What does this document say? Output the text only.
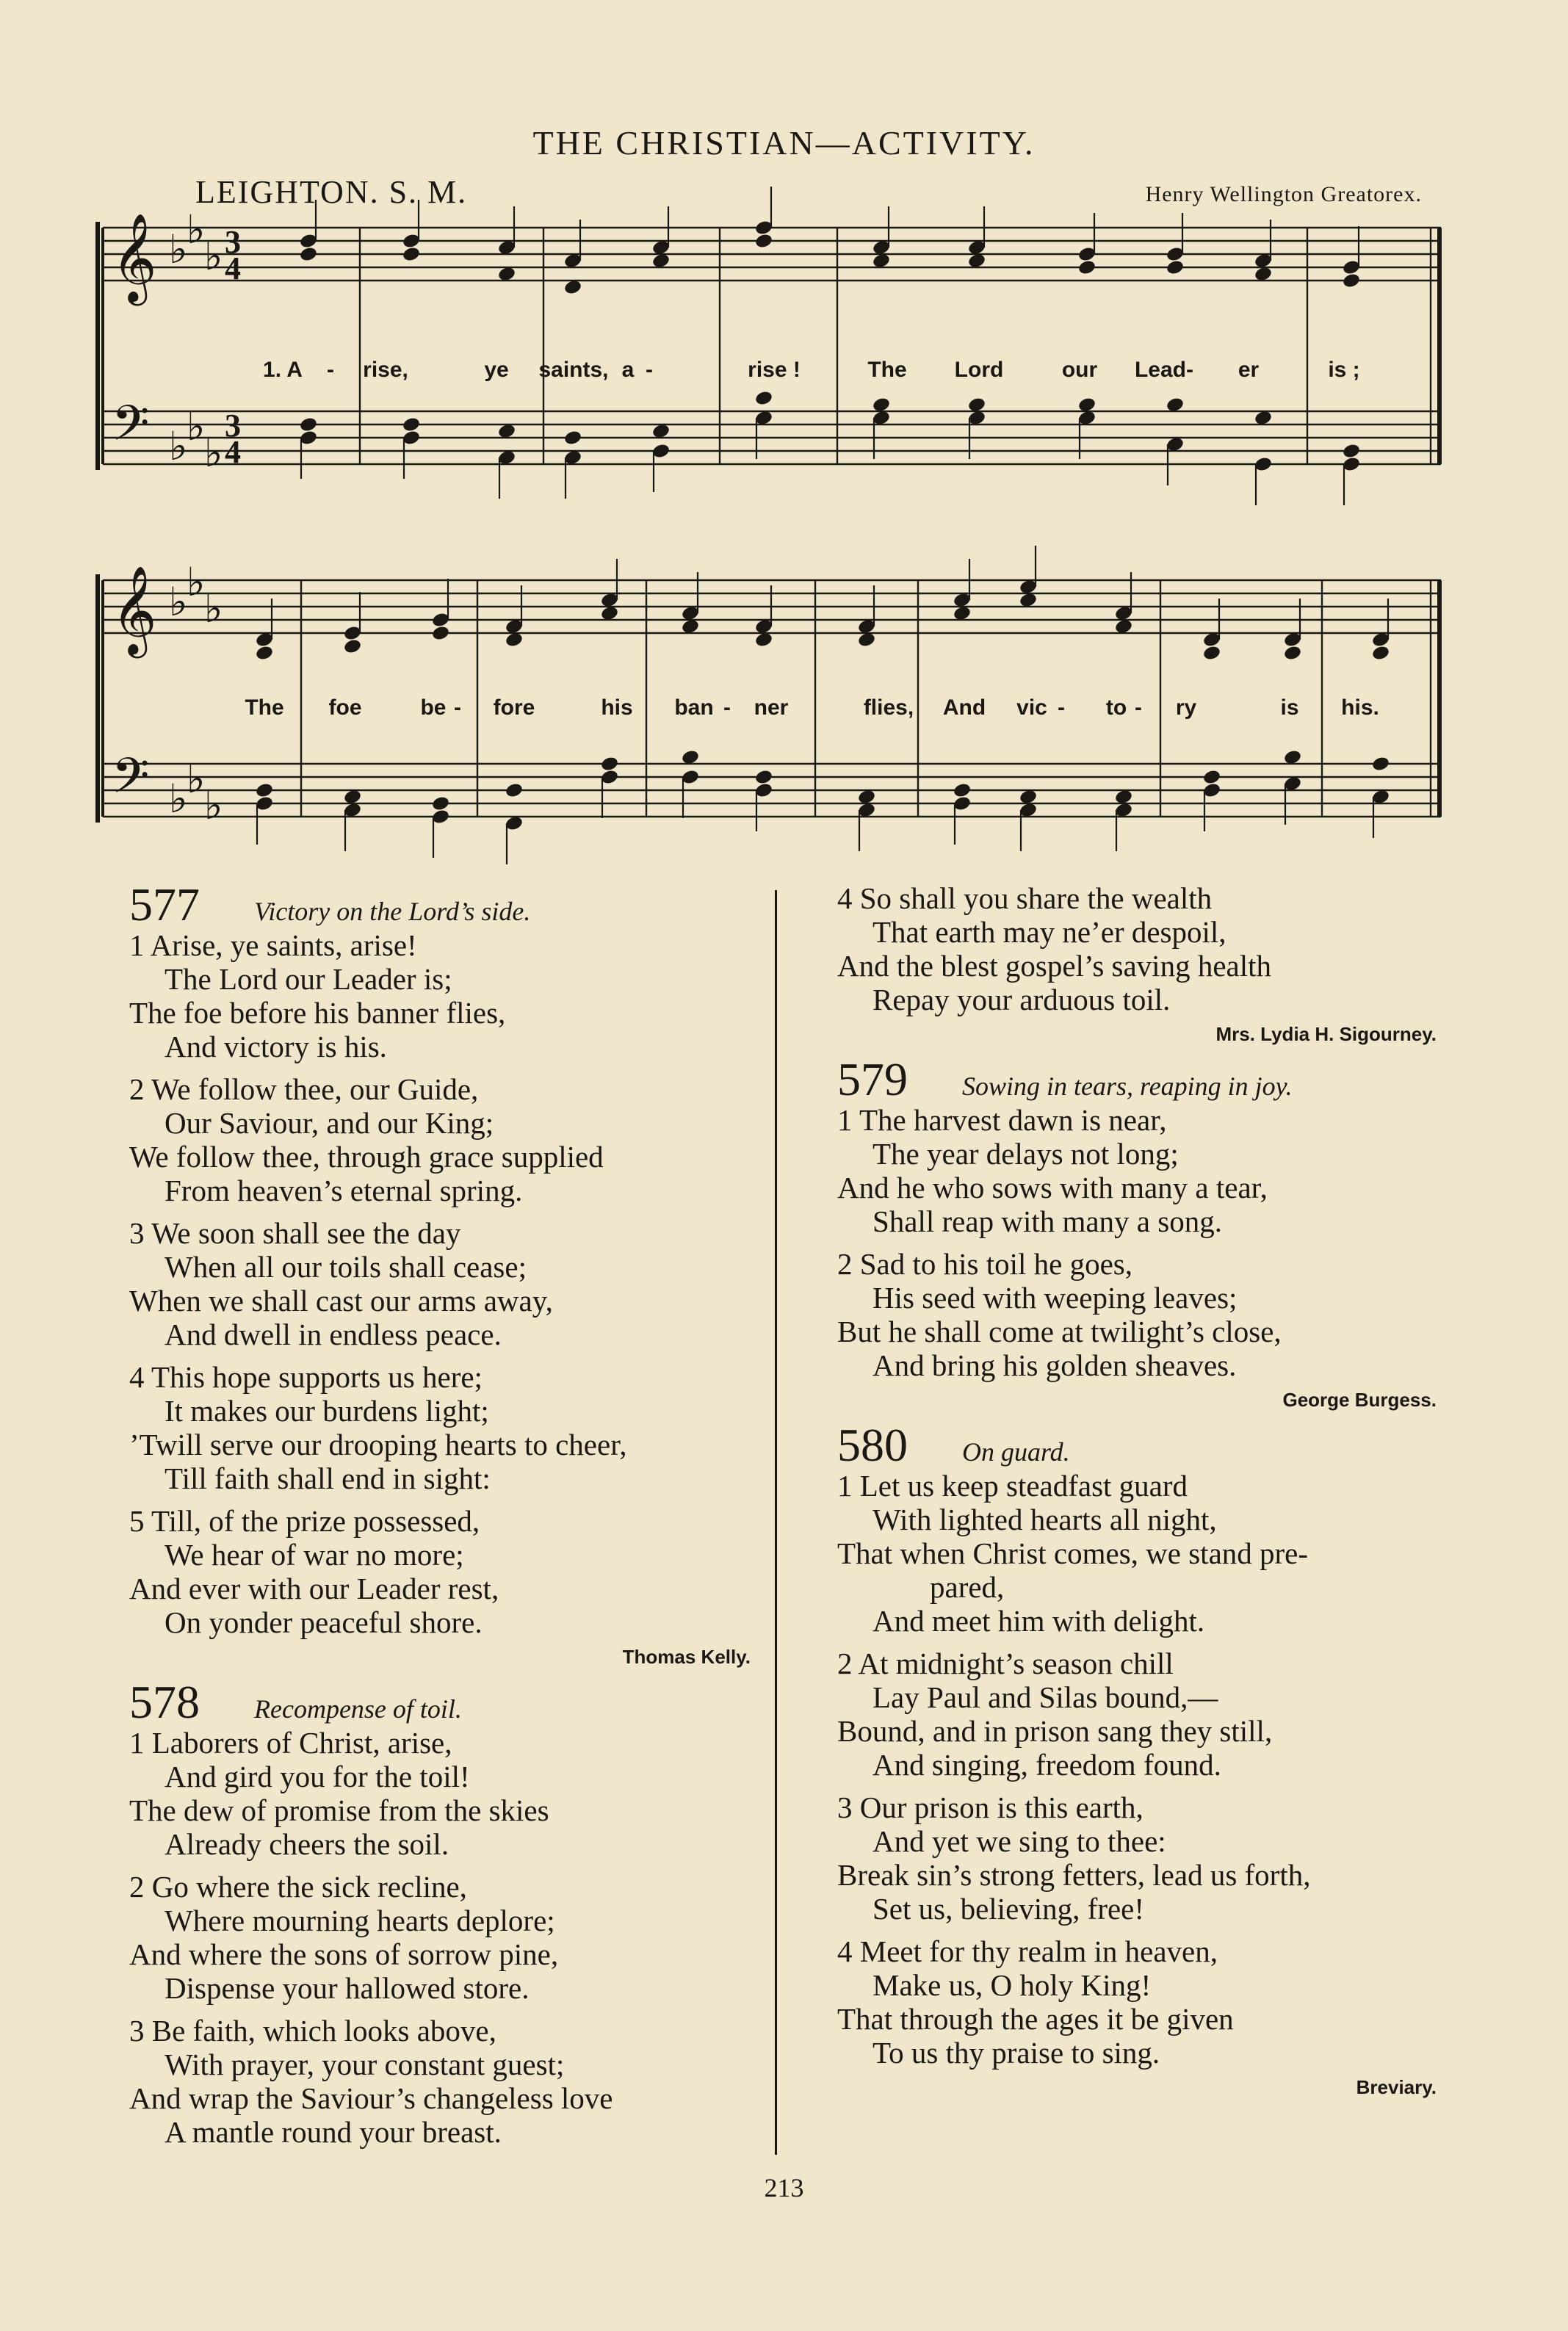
THE CHRISTIAN—ACTIVITY.
LEIGHTON. S. M.	Henry Wellington Greatorex.
𝄞
𝄢
𝄞
𝄢
♭
♭
♭
♭
♭
♭
♭
♭
♭
♭
♭
♭
3
4
3
4
1. A - rise,	ye saints, a -	rise !	The Lord	our Lead - er	is ;
The foe	be - fore	his ban - ner	flies, And vic - to - ry	is his.
577	Victory on the Lord’s side.
1 Arise, ye saints, arise!
The Lord our Leader is;
The foe before his banner flies,
And victory is his.
2 We follow thee, our Guide,
Our Saviour, and our King;
We follow thee, through grace supplied
From heaven’s eternal spring.
3 We soon shall see the day
When all our toils shall cease;
When we shall cast our arms away,
And dwell in endless peace.
4 This hope supports us here;
It makes our burdens light;
’Twill serve our drooping hearts to cheer,
Till faith shall end in sight:
5 Till, of the prize possessed,
We hear of war no more;
And ever with our Leader rest,
On yonder peaceful shore.
Thomas Kelly.
578	Recompense of toil.
1 Laborers of Christ, arise,
And gird you for the toil!
The dew of promise from the skies
Already cheers the soil.
2 Go where the sick recline,
Where mourning hearts deplore;
And where the sons of sorrow pine,
Dispense your hallowed store.
3 Be faith, which looks above,
With prayer, your constant guest;
And wrap the Saviour’s changeless love
A mantle round your breast.
4 So shall you share the wealth
That earth may ne’er despoil,
And the blest gospel’s saving health
Repay your arduous toil.
Mrs. Lydia H. Sigourney.
579	Sowing in tears, reaping in joy.
1 The harvest dawn is near,
The year delays not long;
And he who sows with many a tear,
Shall reap with many a song.
2 Sad to his toil he goes,
His seed with weeping leaves;
But he shall come at twilight’s close,
And bring his golden sheaves.
George Burgess.
580	On guard.
1 Let us keep steadfast guard
With lighted hearts all night,
That when Christ comes, we stand pre-
pared,
And meet him with delight.
2 At midnight’s season chill
Lay Paul and Silas bound,—
Bound, and in prison sang they still,
And singing, freedom found.
3 Our prison is this earth,
And yet we sing to thee:
Break sin’s strong fetters, lead us forth,
Set us, believing, free!
4 Meet for thy realm in heaven,
Make us, O holy King!
That through the ages it be given
To us thy praise to sing.
Breviary.
213
